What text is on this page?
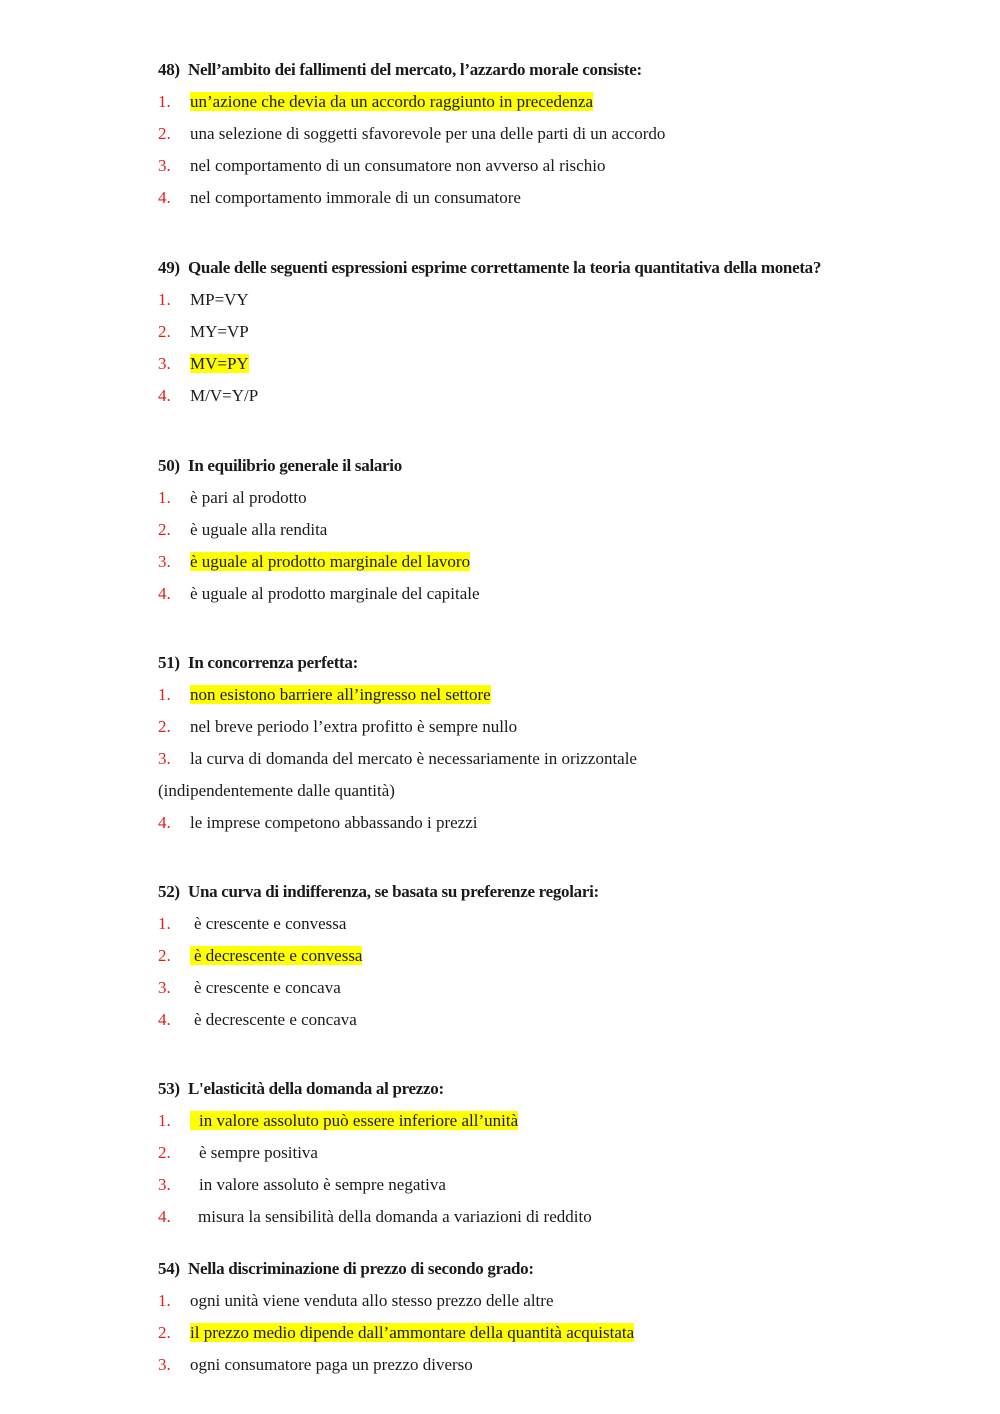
48) Nell’ambito dei fallimenti del mercato, l’azzardo morale consiste:
1. un’azione che devia da un accordo raggiunto in precedenza
2. una selezione di soggetti sfavorevole per una delle parti di un accordo
3. nel comportamento di un consumatore non avverso al rischio
4. nel comportamento immorale di un consumatore
49) Quale delle seguenti espressioni esprime correttamente la teoria quantitativa della moneta?
1. MP=VY
2. MY=VP
3. MV=PY
4. M/V=Y/P
50) In equilibrio generale il salario
1. è pari al prodotto
2. è uguale alla rendita
3. è uguale al prodotto marginale del lavoro
4. è uguale al prodotto marginale del capitale
51) In concorrenza perfetta:
1. non esistono barriere all’ingresso nel settore
2. nel breve periodo l’extra profitto è sempre nullo
3. la curva di domanda del mercato è necessariamente in orizzontale
(indipendentemente dalle quantità)
4. le imprese competono abbassando i prezzi
52) Una curva di indifferenza, se basata su preferenze regolari:
1. è crescente e convessa
2. è decrescente e convessa
3. è crescente e concava
4. è decrescente e concava
53) L'elasticità della domanda al prezzo:
1. in valore assoluto può essere inferiore all’unità
2. è sempre positiva
3. in valore assoluto è sempre negativa
4. misura la sensibilità della domanda a variazioni di reddito
54) Nella discriminazione di prezzo di secondo grado:
1. ogni unità viene venduta allo stesso prezzo delle altre
2. il prezzo medio dipende dall’ammontare della quantità acquistata
3. ogni consumatore paga un prezzo diverso
